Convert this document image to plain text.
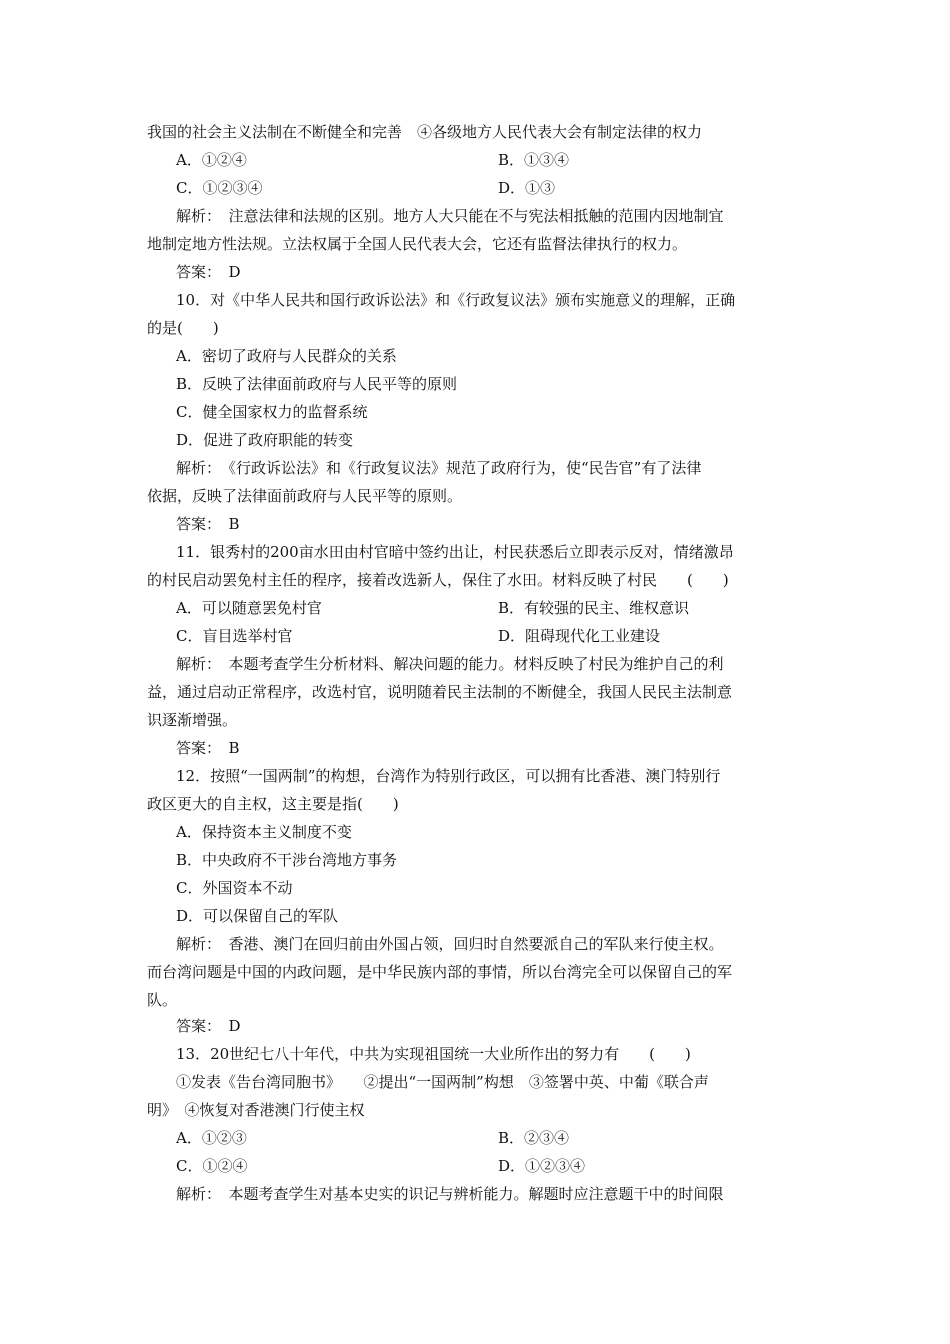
我国的社会主义法制在不断健全和完善　④各级地方人民代表大会有制定法律的权力
A．①②④	B．①③④
C．①②③④	D．①③
解析：　注意法律和法规的区别。地方人大只能在不与宪法相抵触的范围内因地制宜
地制定地方性法规。立法权属于全国人民代表大会，它还有监督法律执行的权力。
答案：　D
10．对《中华人民共和国行政诉讼法》和《行政复议法》颁布实施意义的理解，正确
的是(　　)
A．密切了政府与人民群众的关系
B．反映了法律面前政府与人民平等的原则
C．健全国家权力的监督系统
D．促进了政府职能的转变
解析：　《行政诉讼法》和《行政复议法》规范了政府行为，使“民告官”有了法律
依据，反映了法律面前政府与人民平等的原则。
答案：　B
11．银秀村的200亩水田由村官暗中签约出让，村民获悉后立即表示反对，情绪激昂
的村民启动罢免村主任的程序，接着改选新人，保住了水田。材料反映了村民　　(　　)
A．可以随意罢免村官	B．有较强的民主、维权意识
C．盲目选举村官	D．阻碍现代化工业建设
解析：　本题考查学生分析材料、解决问题的能力。材料反映了村民为维护自己的利
益，通过启动正常程序，改选村官，说明随着民主法制的不断健全，我国人民民主法制意
识逐渐增强。
答案：　B
12．按照“一国两制”的构想，台湾作为特别行政区，可以拥有比香港、澳门特别行
政区更大的自主权，这主要是指(　　)
A．保持资本主义制度不变
B．中央政府不干涉台湾地方事务
C．外国资本不动
D．可以保留自己的军队
解析：　香港、澳门在回归前由外国占领，回归时自然要派自己的军队来行使主权。
而台湾问题是中国的内政问题，是中华民族内部的事情，所以台湾完全可以保留自己的军
队。
答案：　D
13．20世纪七八十年代，中共为实现祖国统一大业所作出的努力有　　(　　)
①发表《告台湾同胞书》　　②提出“一国两制”构想　③签署中英、中葡《联合声
明》　④恢复对香港澳门行使主权
A．①②③	B．②③④
C．①②④	D．①②③④
解析：　本题考查学生对基本史实的识记与辨析能力。解题时应注意题干中的时间限
